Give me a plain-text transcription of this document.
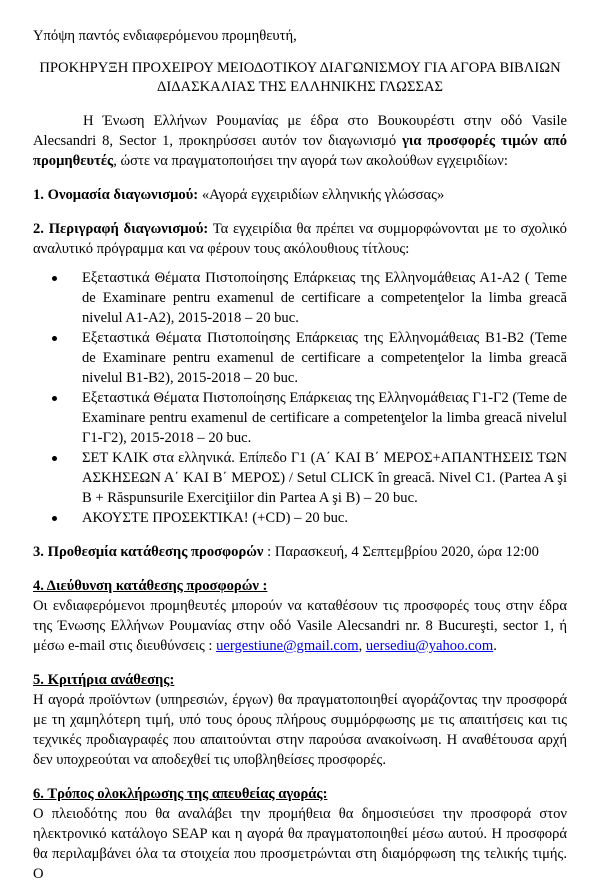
Υπόψη παντός ενδιαφερόμενου προμηθευτή,

ΠΡΟΚΗΡΥΞΗ ΠΡΟΧΕΙΡΟΥ ΜΕΙΟΔΟΤΙΚΟΥ ΔΙΑΓΩΝΙΣΜΟΥ ΓΙΑ ΑΓΟΡΑ ΒΙΒΛΙΩΝ

ΔΙΔΑΣΚΑΛΙΑΣ ΤΗΣ ΕΛΛΗΝΙΚΗΣ ΓΛΩΣΣΑΣ

Η Ένωση Ελλήνων Ρουμανίας με έδρα στο Βουκουρέστι στην οδό Vasile Alecsandri 8, Sector 1, προκηρύσσει αυτόν τον διαγωνισμό για προσφορές τιμών από προμηθευτές, ώστε να πραγματοποιήσει την αγορά των ακολούθων εγχειριδίων:

1. Ονομασία διαγωνισμού: «Αγορά εγχειριδίων ελληνικής γλώσσας»

2. Περιγραφή διαγωνισμού: Τα εγχειρίδια θα πρέπει να συμμορφώνονται με το σχολικό αναλυτικό πρόγραμμα και να φέρουν τους ακόλουθιους τίτλους:

Εξεταστικά Θέματα Πιστοποίησης Επάρκειας της Ελληνομάθειας Α1-Α2 ( Teme de Examinare pentru examenul de certificare a competenţelor la limba greacă nivelul A1-A2), 2015-2018 – 20 buc.
Εξεταστικά Θέματα Πιστοποίησης Επάρκειας της Ελληνομάθειας Β1-Β2 (Teme de Examinare pentru examenul de certificare a competenţelor la limba greacă nivelul B1-B2), 2015-2018 – 20 buc.
Εξεταστικά Θέματα Πιστοποίησης Επάρκειας της Ελληνομάθειας Γ1-Γ2 (Teme de Examinare pentru examenul de certificare a competenţelor la limba greacă nivelul Γ1-Γ2), 2015-2018 – 20 buc.
ΣΕΤ ΚΛΙΚ στα ελληνικά. Επίπεδο Γ1 (Α΄ ΚΑΙ Β΄ ΜΕΡΟΣ+ΑΠΑΝΤΗΣΕΙΣ ΤΩΝ ΑΣΚΗΣΕΩΝ Α΄ ΚΑΙ Β΄ ΜΕΡΟΣ) / Setul CLICK în greacă. Nivel C1. (Partea A şi B + Răspunsurile Exerciţiilor din Partea A şi B) – 20 buc.
ΑΚΟΥΣΤΕ ΠΡΟΣΕΚΤΙΚΑ! (+CD) – 20 buc.

3. Προθεσμία κατάθεσης προσφορών : Παρασκευή, 4 Σεπτεμβρίου 2020, ώρα 12:00

4. Διεύθυνση κατάθεσης προσφορών :

Οι ενδιαφερόμενοι προμηθευτές μπορούν να καταθέσουν τις προσφορές τους στην έδρα της Ένωσης Ελλήνων Ρουμανίας στην οδό Vasile Alecsandri nr. 8 Bucureşti, sector 1, ή μέσω e-mail στις διευθύνσεις : uergestiune@gmail.com, uersediu@yahoo.com.

5. Κριτήρια ανάθεσης:

Η αγορά προϊόντων (υπηρεσιών, έργων) θα πραγματοποιηθεί αγοράζοντας την προσφορά με τη χαμηλότερη τιμή, υπό τους όρους πλήρους συμμόρφωσης με τις απαιτήσεις και τις τεχνικές προδιαγραφές που απαιτούνται στην παρούσα ανακοίνωση. Η αναθέτουσα αρχή δεν υποχρεούται να αποδεχθεί τις υποβληθείσες προσφορές.

6. Τρόπος ολοκλήρωσης της απευθείας αγοράς:

Ο πλειοδότης που θα αναλάβει την προμήθεια θα δημοσιεύσει την προσφορά στον ηλεκτρονικό κατάλογο SEAP και η αγορά θα πραγματοποιηθεί μέσω αυτού. Η προσφορά θα περιλαμβάνει όλα τα στοιχεία που προσμετρώνται στη διαμόρφωση της τελικής τιμής. Ο
